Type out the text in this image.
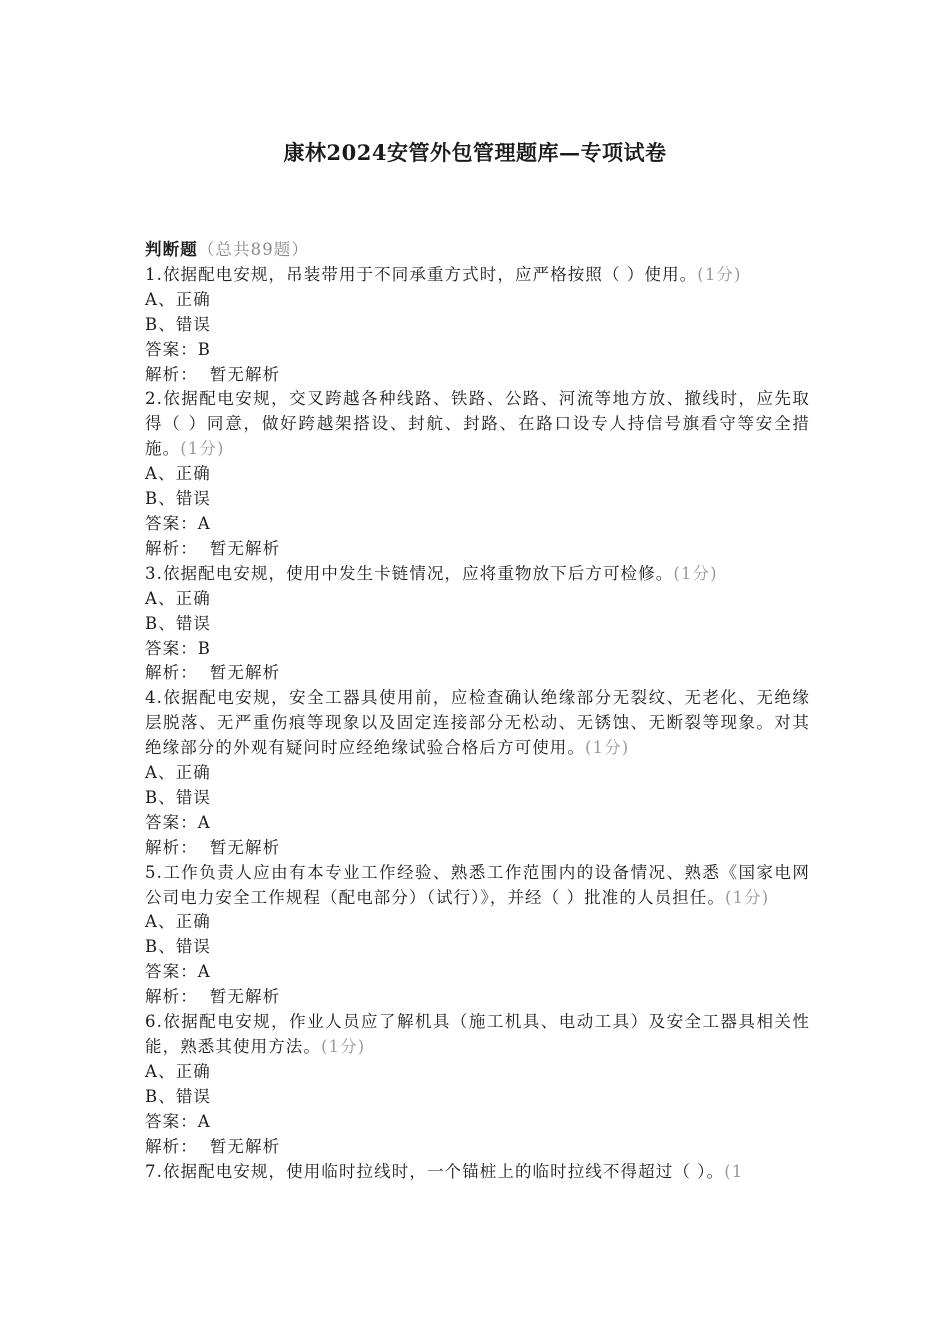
康林2024安管外包管理题库—专项试卷

判断题（总共89题）

1.依据配电安规，吊装带用于不同承重方式时，应严格按照（ ）使用。(1分)

A、正确

B、错误

答案：B

解析： 暂无解析

2.依据配电安规，交叉跨越各种线路、铁路、公路、河流等地方放、撤线时，应先取得（ ）同意，做好跨越架搭设、封航、封路、在路口设专人持信号旗看守等安全措施。(1分)

A、正确

B、错误

答案：A

解析： 暂无解析

3.依据配电安规，使用中发生卡链情况，应将重物放下后方可检修。(1分)

A、正确

B、错误

答案：B

解析： 暂无解析

4.依据配电安规，安全工器具使用前，应检查确认绝缘部分无裂纹、无老化、无绝缘层脱落、无严重伤痕等现象以及固定连接部分无松动、无锈蚀、无断裂等现象。对其绝缘部分的外观有疑问时应经绝缘试验合格后方可使用。(1分)

A、正确

B、错误

答案：A

解析： 暂无解析

5.工作负责人应由有本专业工作经验、熟悉工作范围内的设备情况、熟悉《国家电网公司电力安全工作规程（配电部分）（试行）》，并经（ ）批准的人员担任。(1分)

A、正确

B、错误

答案：A

解析： 暂无解析

6.依据配电安规，作业人员应了解机具（施工机具、电动工具）及安全工器具相关性能，熟悉其使用方法。(1分)

A、正确

B、错误

答案：A

解析： 暂无解析

7.依据配电安规，使用临时拉线时，一个锚桩上的临时拉线不得超过（ ）。(1
